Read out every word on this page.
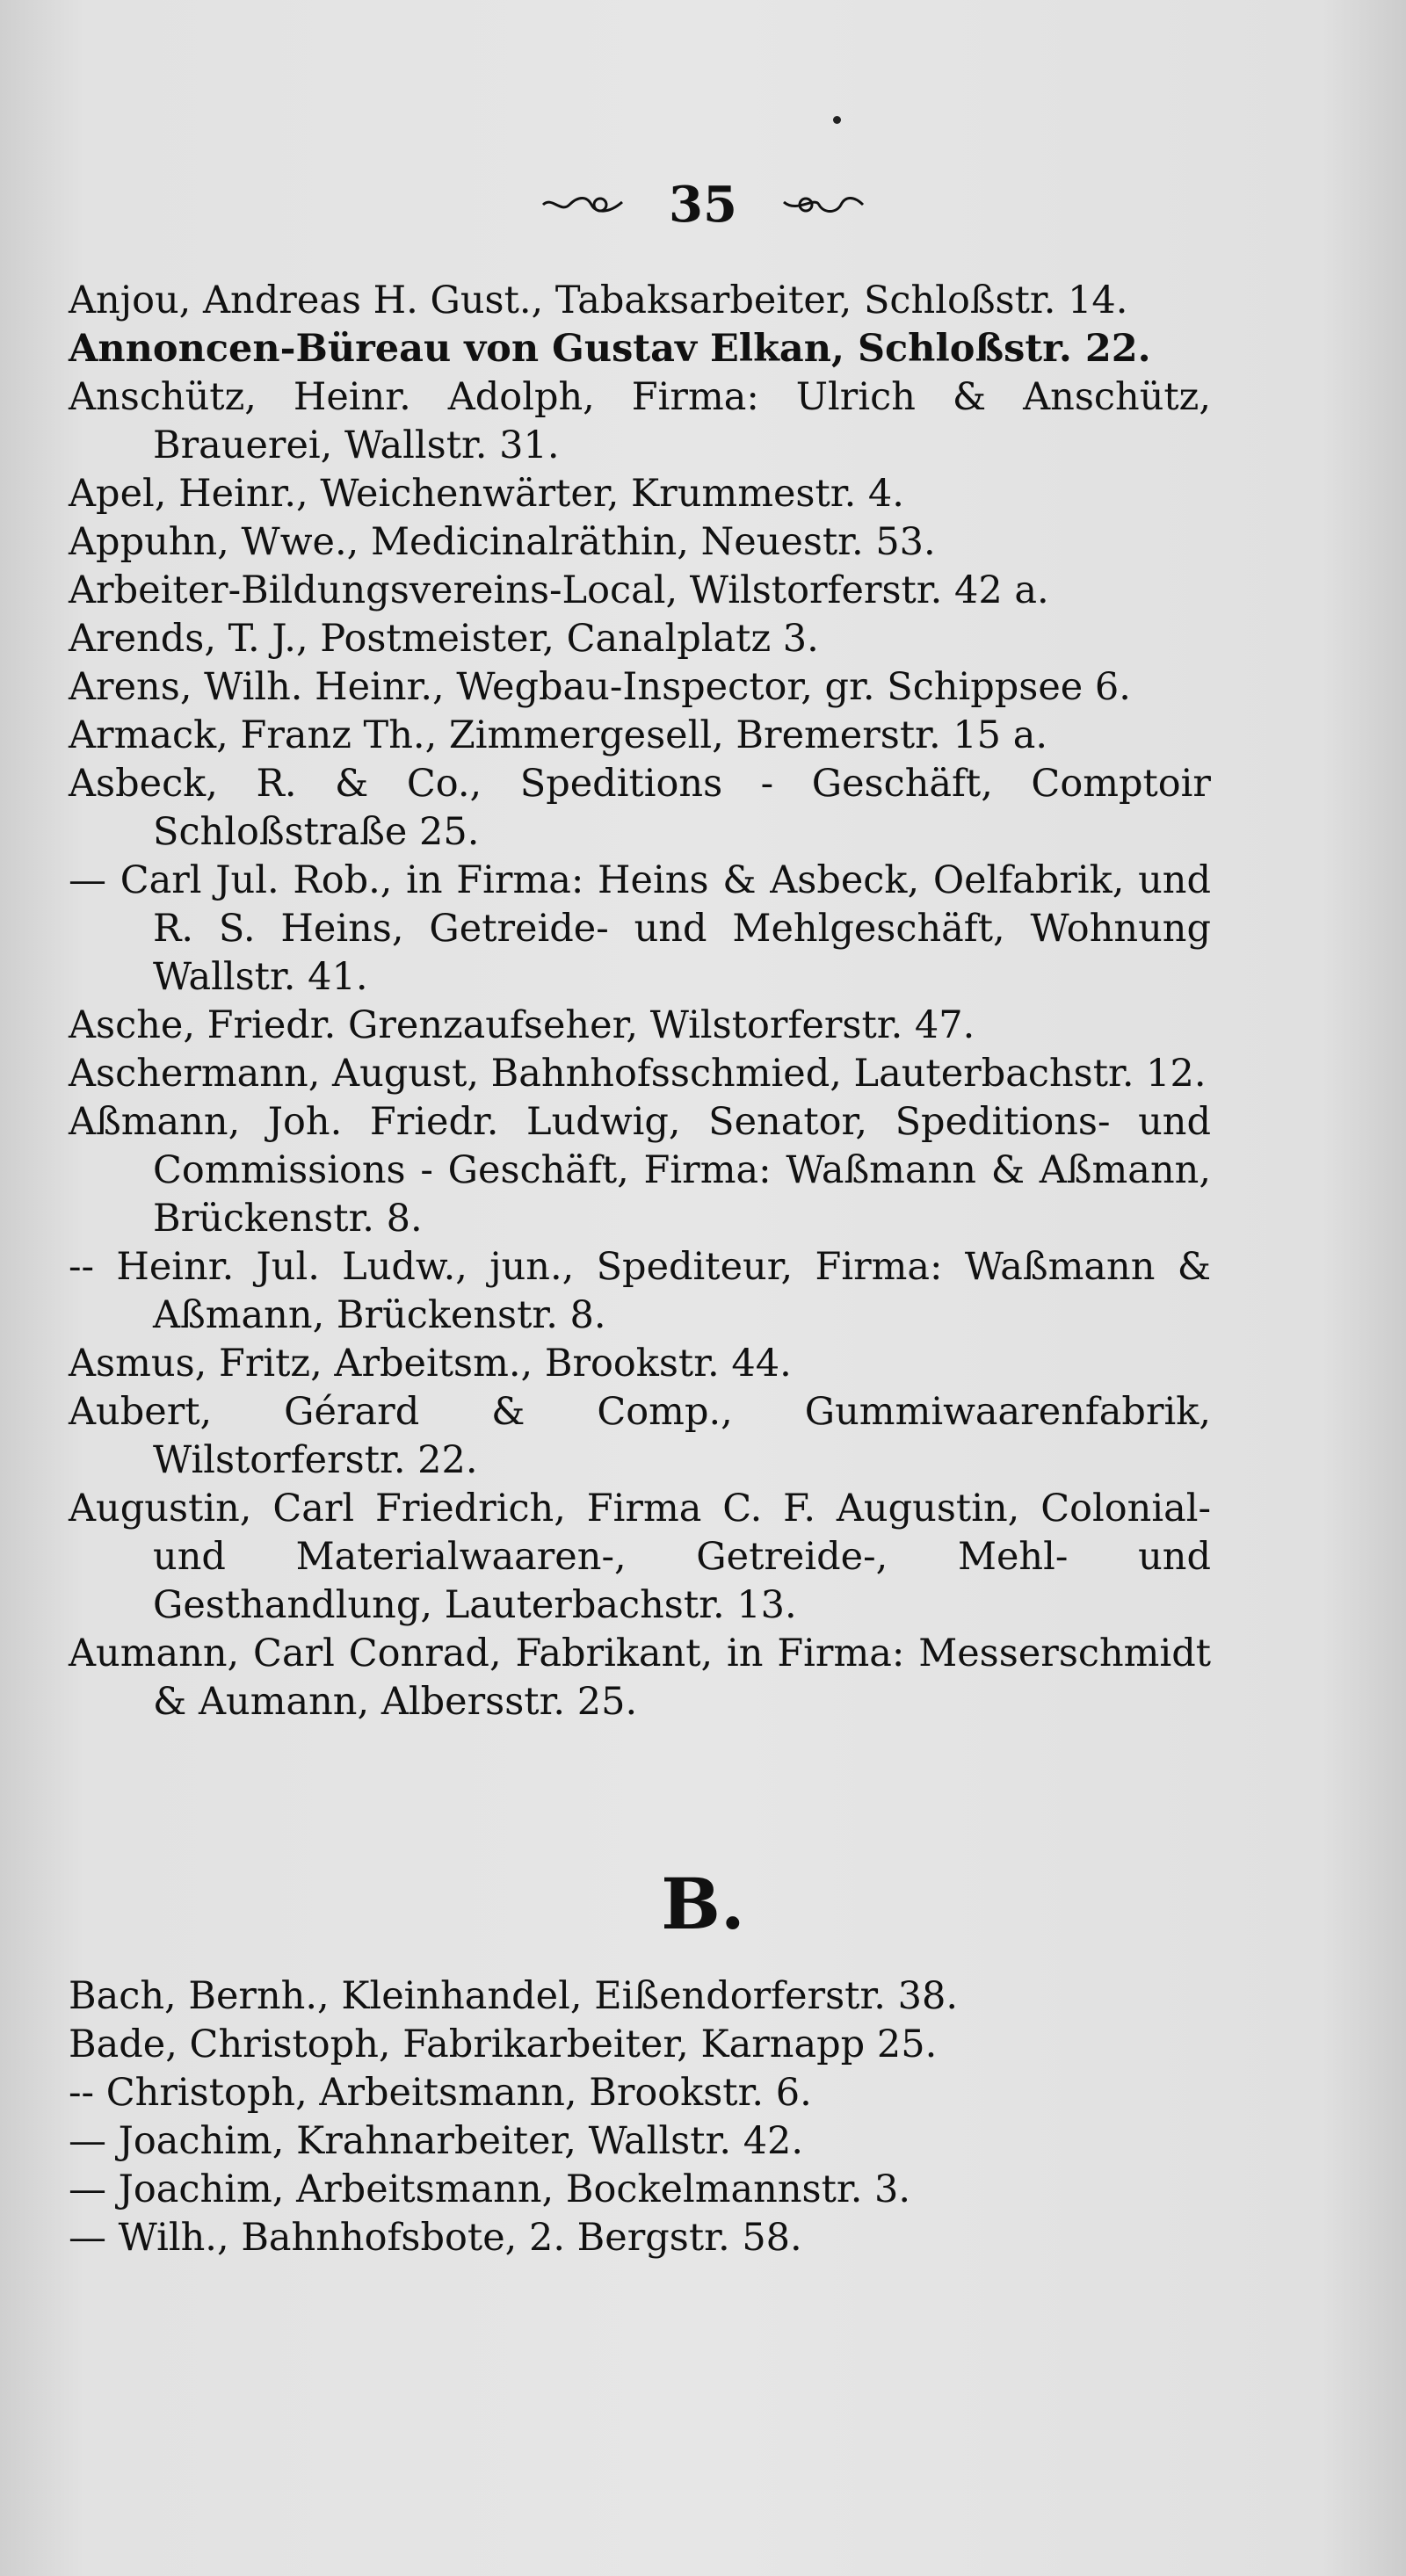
35
Anjou, Andreas H. Gust., Tabaksarbeiter, Schloßstr. 14.
Annoncen-Büreau von Gustav Elkan, Schloßstr. 22.
Anschütz, Heinr. Adolph, Firma: Ulrich & Anschütz, Brauerei, Wallstr. 31.
Apel, Heinr., Weichenwärter, Krummestr. 4.
Appuhn, Wwe., Medicinalräthin, Neuestr. 53.
Arbeiter-Bildungsvereins-Local, Wilstorferstr. 42 a.
Arends, T. J., Postmeister, Canalplatz 3.
Arens, Wilh. Heinr., Wegbau-Inspector, gr. Schippsee 6.
Armack, Franz Th., Zimmergesell, Bremerstr. 15 a.
Asbeck, R. & Co., Speditions - Geschäft, Comptoir Schloßstraße 25.
— Carl Jul. Rob., in Firma: Heins & Asbeck, Oelfabrik, und R. S. Heins, Getreide- und Mehlgeschäft, Wohnung Wallstr. 41.
Asche, Friedr. Grenzaufseher, Wilstorferstr. 47.
Aschermann, August, Bahnhofsschmied, Lauterbachstr. 12.
Aßmann, Joh. Friedr. Ludwig, Senator, Speditions- und Commissions - Geschäft, Firma: Waßmann & Aßmann, Brückenstr. 8.
-- Heinr. Jul. Ludw., jun., Spediteur, Firma: Waßmann & Aßmann, Brückenstr. 8.
Asmus, Fritz, Arbeitsm., Brookstr. 44.
Aubert, Gérard & Comp., Gummiwaarenfabrik, Wilstorferstr. 22.
Augustin, Carl Friedrich, Firma C. F. Augustin, Colonial- und Materialwaaren-, Getreide-, Mehl- und Gesthandlung, Lauterbachstr. 13.
Aumann, Carl Conrad, Fabrikant, in Firma: Messerschmidt & Aumann, Albersstr. 25.
B.
Bach, Bernh., Kleinhandel, Eißendorferstr. 38.
Bade, Christoph, Fabrikarbeiter, Karnapp 25.
-- Christoph, Arbeitsmann, Brookstr. 6.
— Joachim, Krahnarbeiter, Wallstr. 42.
— Joachim, Arbeitsmann, Bockelmannstr. 3.
— Wilh., Bahnhofsbote, 2. Bergstr. 58.
